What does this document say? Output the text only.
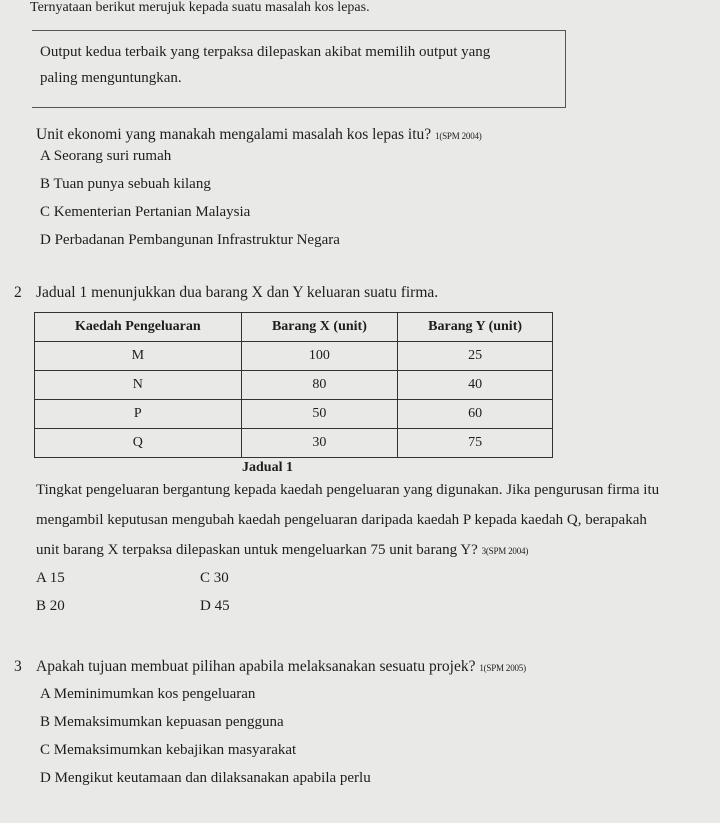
Ternyataan berikut merujuk kepada suatu masalah kos lepas.
Output kedua terbaik yang terpaksa dilepaskan akibat memilih output yang
paling menguntungkan.
Unit ekonomi yang manakah mengalami masalah kos lepas itu? 1(SPM 2004)
A Seorang suri rumah
B Tuan punya sebuah kilang
C Kementerian Pertanian Malaysia
D Perbadanan Pembangunan Infrastruktur Negara
2 Jadual 1 menunjukkan dua barang X dan Y keluaran suatu firma.
Kaedah Pengeluaran	Barang X (unit)	Barang Y (unit)
M	100	25
N	80	40
P	50	60
Q	30	75
Jadual 1
Tingkat pengeluaran bergantung kepada kaedah pengeluaran yang digunakan. Jika pengurusan firma itu
mengambil keputusan mengubah kaedah pengeluaran daripada kaedah P kepada kaedah Q, berapakah
unit barang X terpaksa dilepaskan untuk mengeluarkan 75 unit barang Y? 3(SPM 2004)
A 15	C 30
B 20	D 45
3 Apakah tujuan membuat pilihan apabila melaksanakan sesuatu projek? 1(SPM 2005)
A Meminimumkan kos pengeluaran
B Memaksimumkan kepuasan pengguna
C Memaksimumkan kebajikan masyarakat
D Mengikut keutamaan dan dilaksanakan apabila perlu
